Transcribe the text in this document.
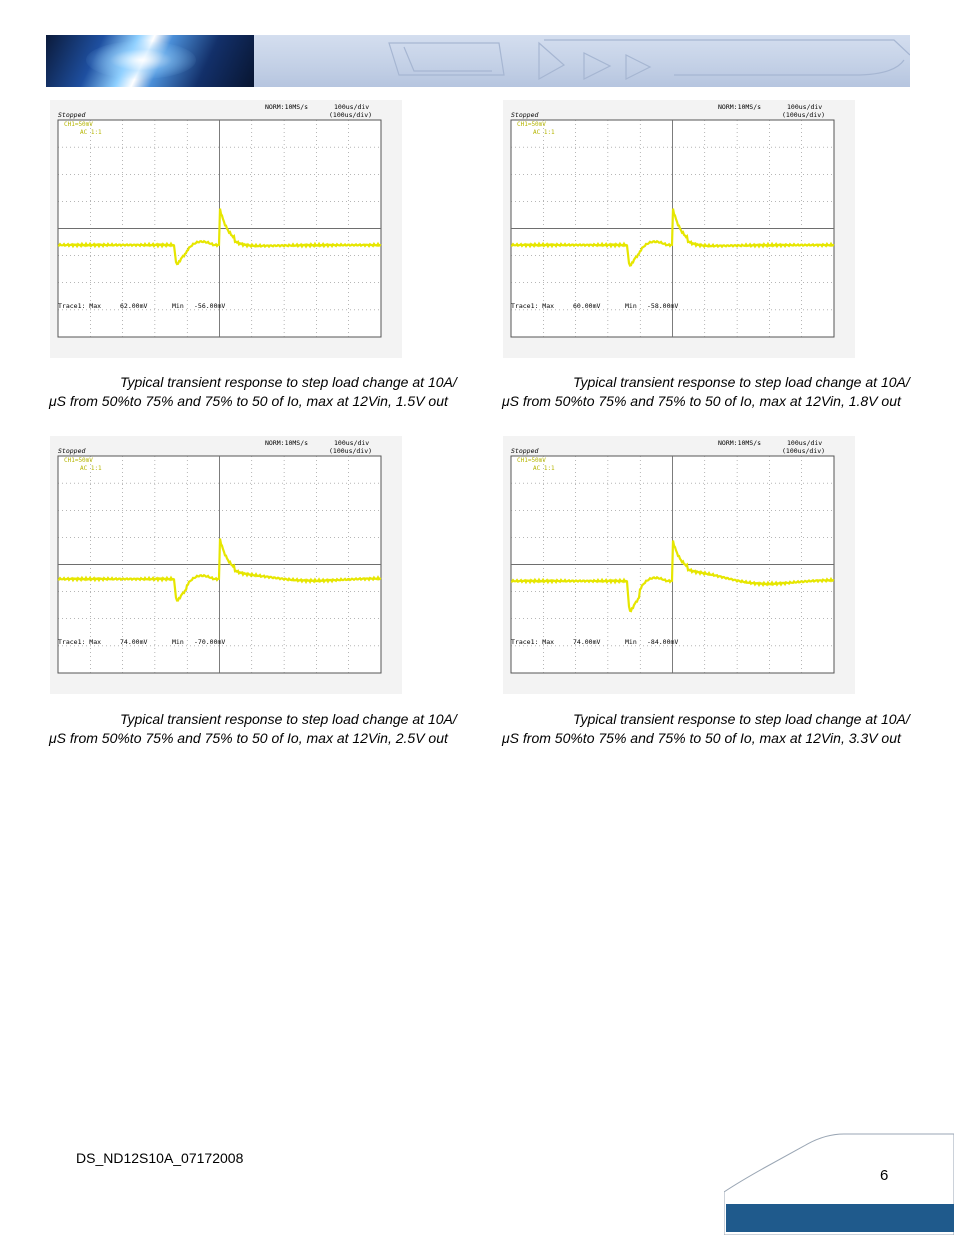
Stopped
NORM:10MS/s	100us/div
(100us/div)
CH1=50mV
AC 1:1
Trace1: Max	62.00mV	Min -56.00mV
Stopped
NORM:10MS/s	100us/div
(100us/div)
CH1=50mV
AC 1:1
Trace1: Max	60.00mV	Min -58.00mV
Stopped
NORM:10MS/s	100us/div
(100us/div)
CH1=50mV
AC 1:1
Trace1: Max	74.00mV	Min -70.00mV
Stopped
NORM:10MS/s	100us/div
(100us/div)
CH1=50mV
AC 1:1
Trace1: Max	74.00mV	Min -84.00mV
Typical transient response to step load change at 10A/μS from 50%to 75% and 75% to 50 of Io, max at 12Vin, 1.5V out
Typical transient response to step load change at 10A/μS from 50%to 75% and 75% to 50 of Io, max at 12Vin, 1.8V out
Typical transient response to step load change at 10A/μS from 50%to 75% and 75% to 50 of Io, max at 12Vin, 2.5V out
Typical transient response to step load change at 10A/μS from 50%to 75% and 75% to 50 of Io, max at 12Vin, 3.3V out
DS_ND12S10A_07172008
6
